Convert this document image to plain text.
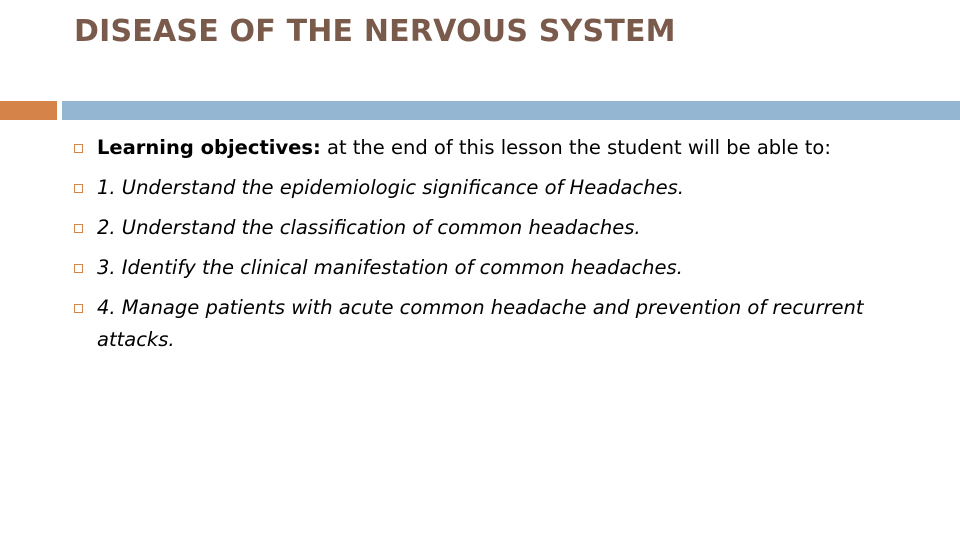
DISEASE OF THE NERVOUS SYSTEM
Learning objectives: at the end of this lesson the student will be able to:
1. Understand the epidemiologic significance of Headaches.
2. Understand the classification of common headaches.
3. Identify the clinical manifestation of common headaches.
4. Manage patients with acute common headache and prevention of recurrent attacks.
